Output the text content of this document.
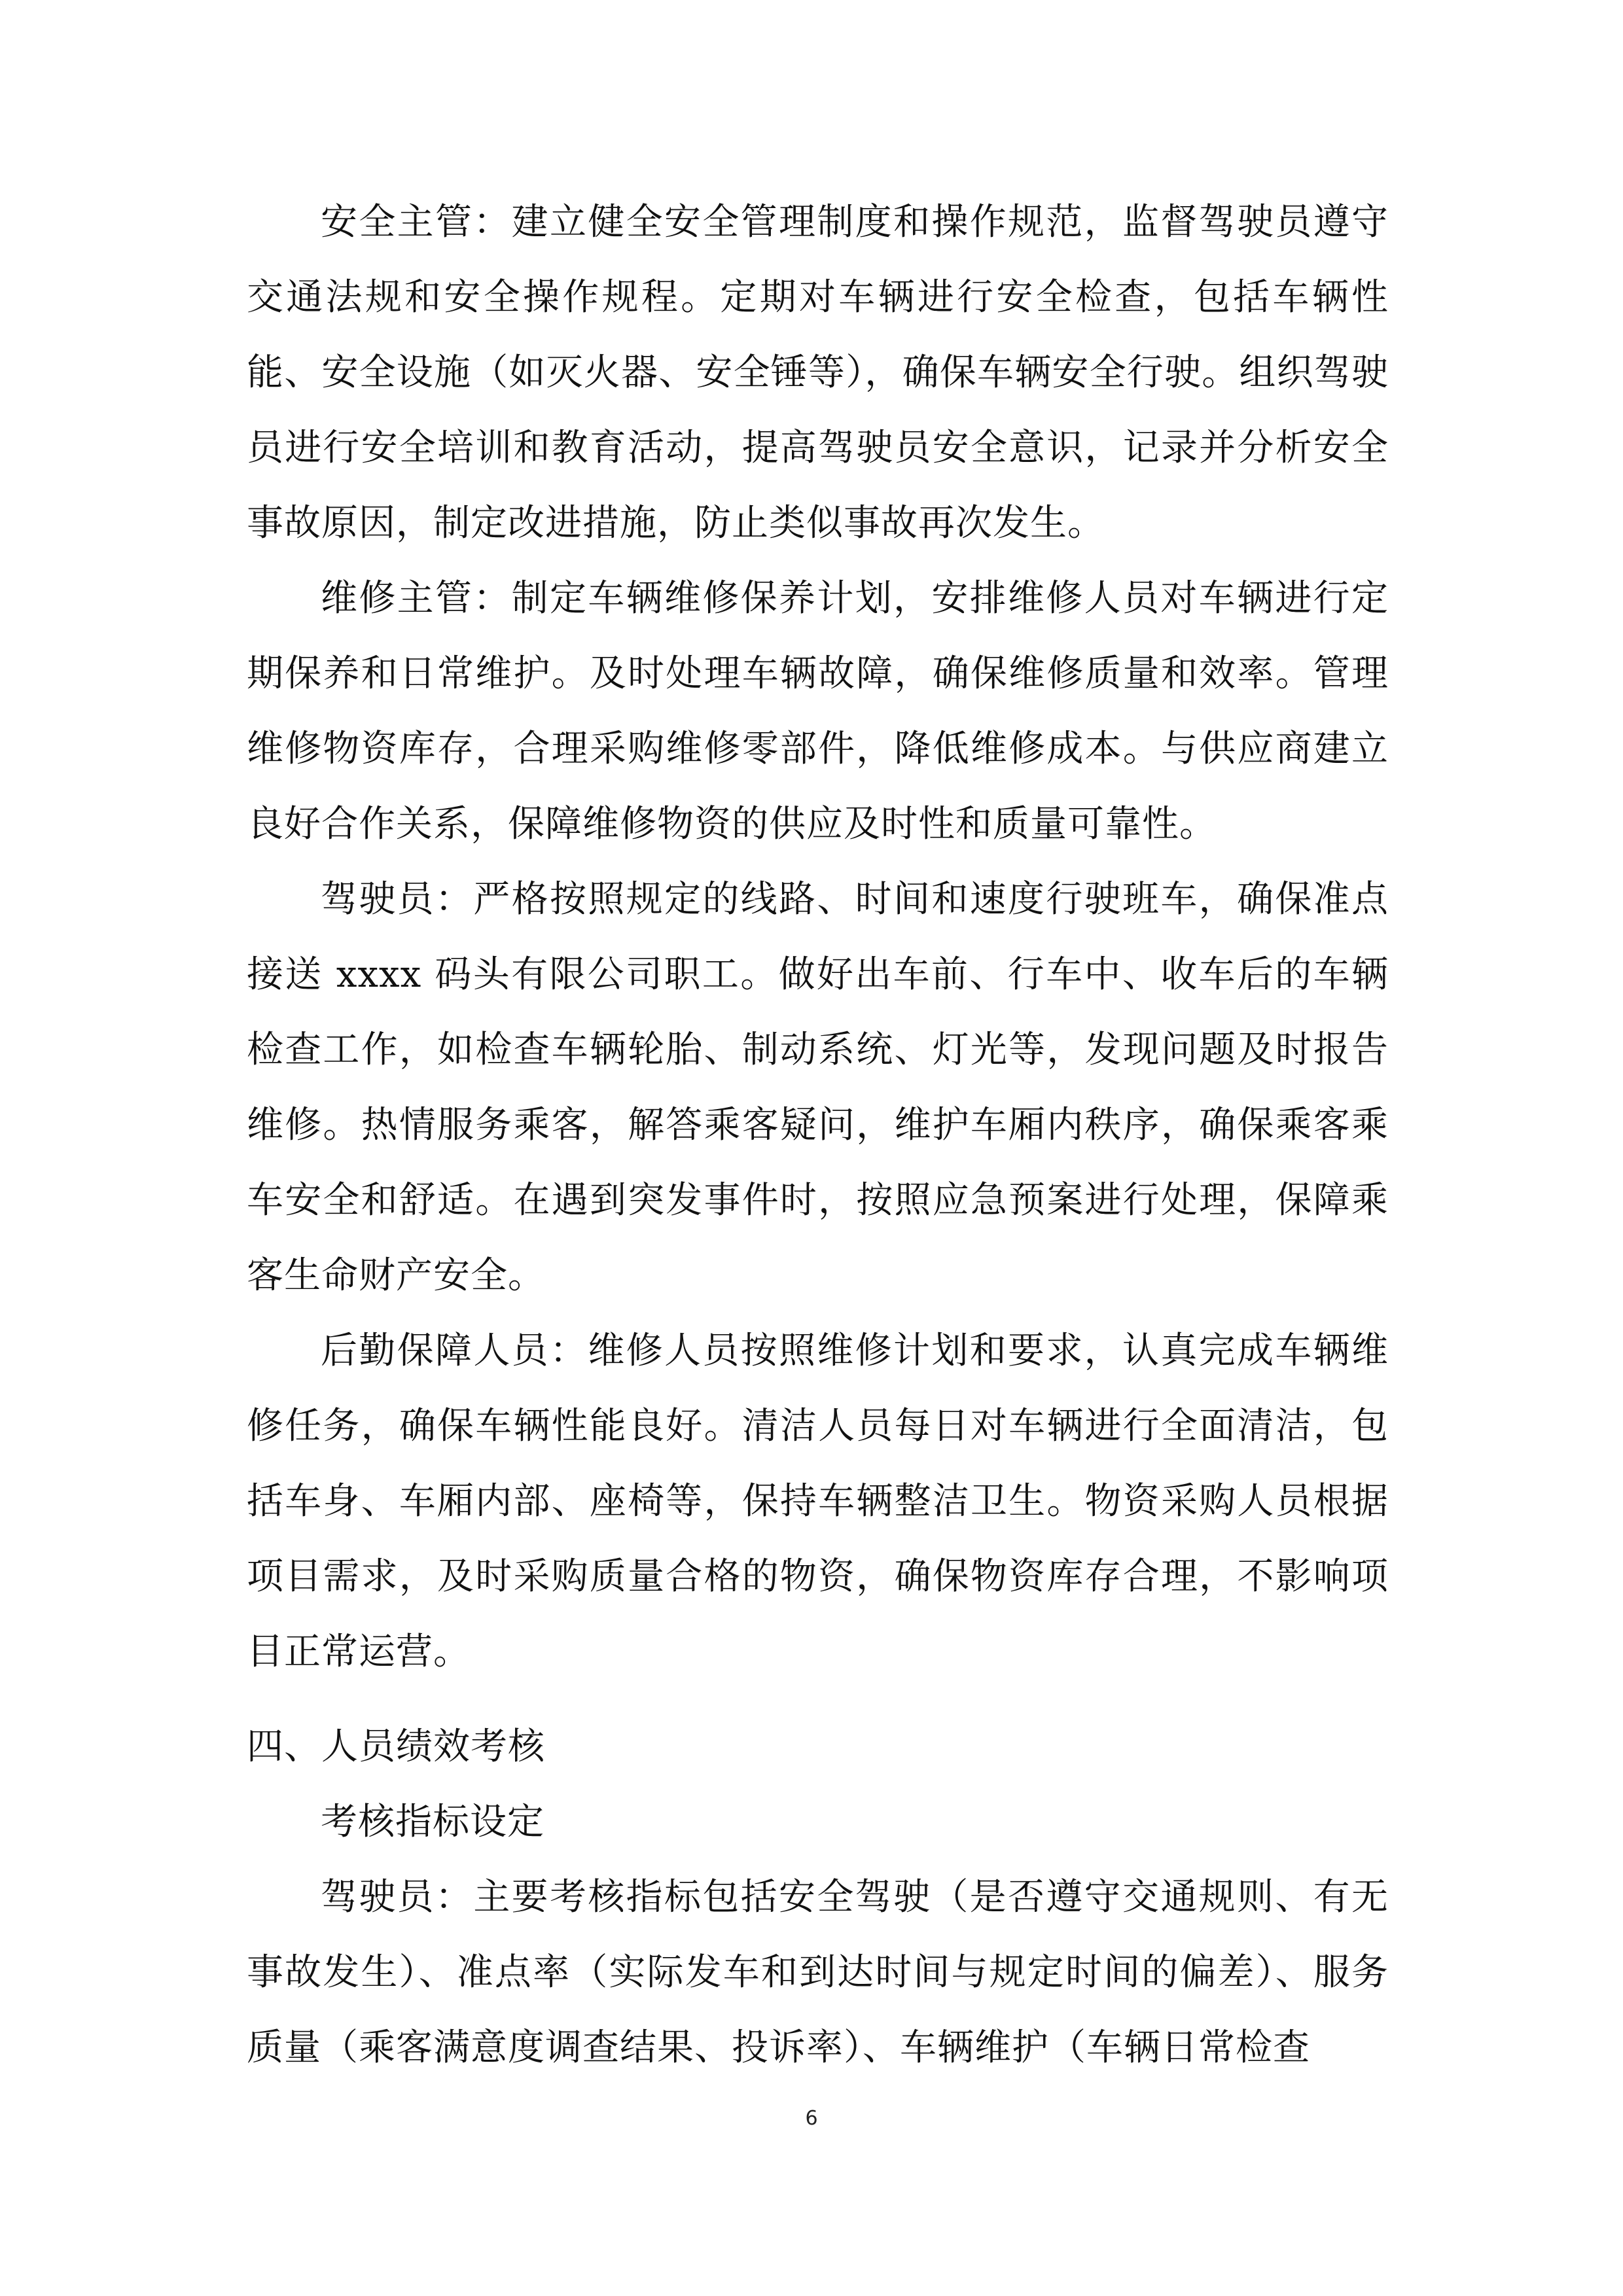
安全主管：建立健全安全管理制度和操作规范，监督驾驶员遵守交通法规和安全操作规程。定期对车辆进行安全检查，包括车辆性能、安全设施（如灭火器、安全锤等），确保车辆安全行驶。组织驾驶员进行安全培训和教育活动，提高驾驶员安全意识，记录并分析安全事故原因，制定改进措施，防止类似事故再次发生。

维修主管：制定车辆维修保养计划，安排维修人员对车辆进行定期保养和日常维护。及时处理车辆故障，确保维修质量和效率。管理维修物资库存，合理采购维修零部件，降低维修成本。与供应商建立良好合作关系，保障维修物资的供应及时性和质量可靠性。

驾驶员：严格按照规定的线路、时间和速度行驶班车，确保准点接送 xxxx 码头有限公司职工。做好出车前、行车中、收车后的车辆检查工作，如检查车辆轮胎、制动系统、灯光等，发现问题及时报告维修。热情服务乘客，解答乘客疑问，维护车厢内秩序，确保乘客乘车安全和舒适。在遇到突发事件时，按照应急预案进行处理，保障乘客生命财产安全。

后勤保障人员：维修人员按照维修计划和要求，认真完成车辆维修任务，确保车辆性能良好。清洁人员每日对车辆进行全面清洁，包括车身、车厢内部、座椅等，保持车辆整洁卫生。物资采购人员根据项目需求，及时采购质量合格的物资，确保物资库存合理，不影响项目正常运营。

四、人员绩效考核

考核指标设定

驾驶员：主要考核指标包括安全驾驶（是否遵守交通规则、有无事故发生）、准点率（实际发车和到达时间与规定时间的偏差）、服务质量（乘客满意度调查结果、投诉率）、车辆维护（车辆日常检查

6
